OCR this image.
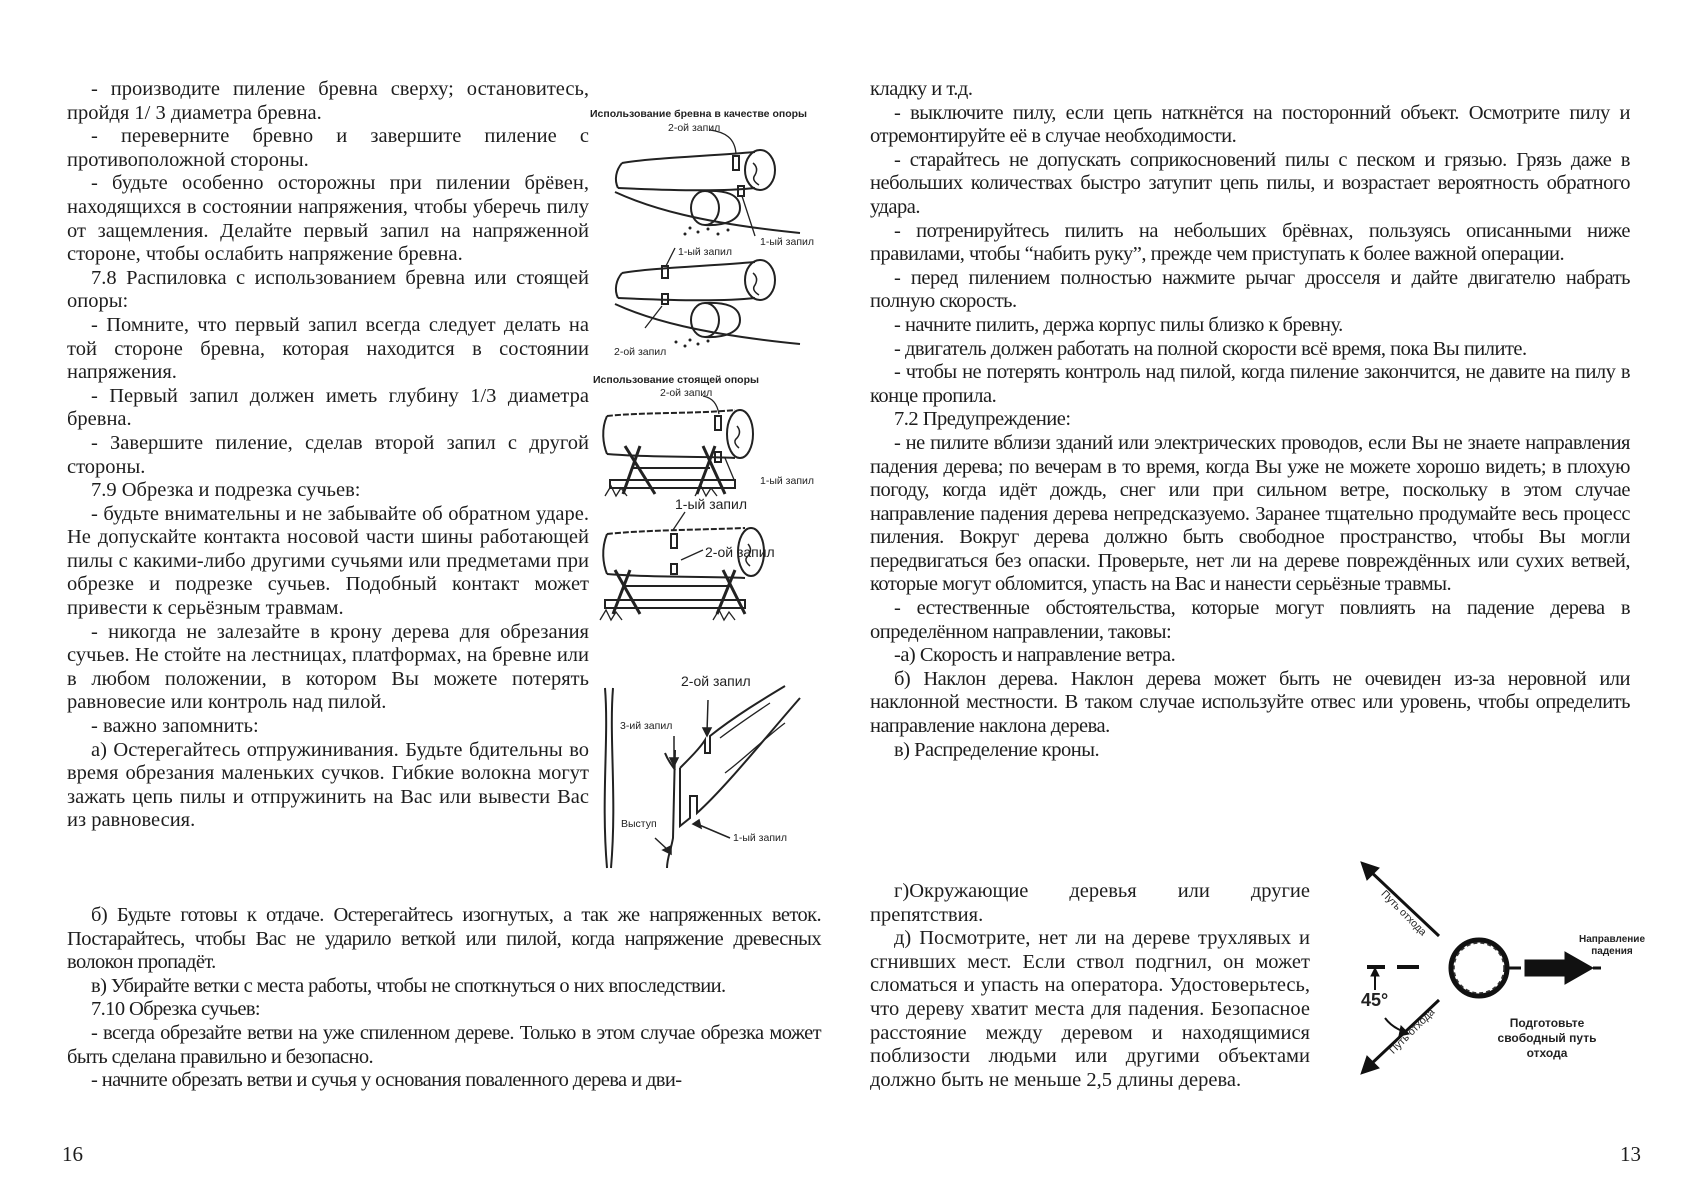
- производите пиление бревна сверху; остановитесь, пройдя 1/ 3 диаметра бревна.

- переверните бревно и завершите пиление с противоположной стороны.

- будьте особенно осторожны при пилении брёвен, находящихся в состоянии напряжения, чтобы уберечь пилу от защемления. Делайте первый запил на напряженной стороне, чтобы ослабить напряжение бревна.

7.8 Распиловка с использованием бревна или стоящей опоры:

- Помните, что первый запил всегда следует делать на той стороне бревна, которая находится в состоянии напряжения.

- Первый запил должен иметь глубину 1/3 диаметра бревна.

- Завершите пиление, сделав второй запил с другой стороны.

7.9 Обрезка и подрезка сучьев:

- будьте внимательны и не забывайте об обратном ударе. Не допускайте контакта носовой части шины работающей пилы с какими-либо другими сучьями или предметами при обрезке и подрезке сучьев. Подобный контакт может привести к серьёзным травмам.

- никогда не залезайте в крону дерева для обрезания сучьев. Не стойте на лестницах, платформах, на бревне или в любом положении, в котором Вы можете потерять равновесие или контроль над пилой.

- важно запомнить:

а) Остерегайтесь отпружинивания. Будьте бдительны во время обрезания маленьких сучков. Гибкие волокна могут зажать цепь пилы и отпружинить на Вас или вывести Вас из равновесия.

б) Будьте готовы к отдаче. Остерегайтесь изогнутых, а так же напряженных веток. Постарайтесь, чтобы Вас не ударило веткой или пилой, когда напряжение древесных волокон пропадёт.

в) Убирайте ветки с места работы, чтобы не споткнуться о них впоследствии.

7.10 Обрезка сучьев:

- всегда обрезайте ветви на уже спиленном дереве. Только в этом случае обрезка может быть сделана правильно и безопасно.

- начните обрезать ветви и сучья у основания поваленного дерева и дви-

Использование бревна в качестве опоры
2-ой запил
1-ый запил
1-ый запил
2-ой запил
Использование стоящей опоры
2-ой запил
1-ый запил
1-ый запил
2-ой запил
2-ой запил
3-ий запил
Выступ
1-ый запил
16

кладку и т.д.

- выключите пилу, если цепь наткнётся на посторонний объект. Осмотрите пилу и отремонтируйте её в случае необходимости.

- старайтесь не допускать соприкосновений пилы с песком и грязью. Грязь даже в небольших количествах быстро затупит цепь пилы, и возрастает вероятность обратного удара.

- потренируйтесь пилить на небольших брёвнах, пользуясь описанными ниже правилами, чтобы “набить руку”, прежде чем приступать к более важной операции.

- перед пилением полностью нажмите рычаг дросселя и дайте двигателю набрать полную скорость.

- начните пилить, держа корпус пилы близко к бревну.

- двигатель должен работать на полной скорости всё время, пока Вы пилите.

- чтобы не потерять контроль над пилой, когда пиление закончится, не давите на пилу в конце пропила.

7.2 Предупреждение:

- не пилите вблизи зданий или электрических проводов, если Вы не знаете направления падения дерева; по вечерам в то время, когда Вы уже не можете хорошо видеть; в плохую погоду, когда идёт дождь, снег или при сильном ветре, поскольку в этом случае направление падения дерева непредсказуемо. Заранее тщательно продумайте весь процесс пиления. Вокруг дерева должно быть свободное пространство, чтобы Вы могли передвигаться без опаски. Проверьте, нет ли на дереве повреждённых или сухих ветвей, которые могут обломится, упасть на Вас и нанести серьёзные травмы.

- естественные обстоятельства, которые могут повлиять на падение дерева в определённом направлении, таковы:

-а) Скорость и направление ветра.

б) Наклон дерева. Наклон дерева может быть не очевиден из-за неровной или наклонной местности. В таком случае используйте отвес или уровень, чтобы определить направление наклона дерева.

в) Распределение кроны.

г)Окружающие деревья или другие препятствия.

д) Посмотрите, нет ли на дереве трухлявых и сгнивших мест. Если ствол подгнил, он может сломаться и упасть на оператора. Удостоверьтесь, что дереву хватит места для падения. Безопасное расстояние между деревом и находящимися поблизости людьми или другими объектами должно быть не меньше 2,5 длины дерева.

Путь отхода
Путь отхода
45°
Направление падения
Подготовьте свободный путь отхода
13
